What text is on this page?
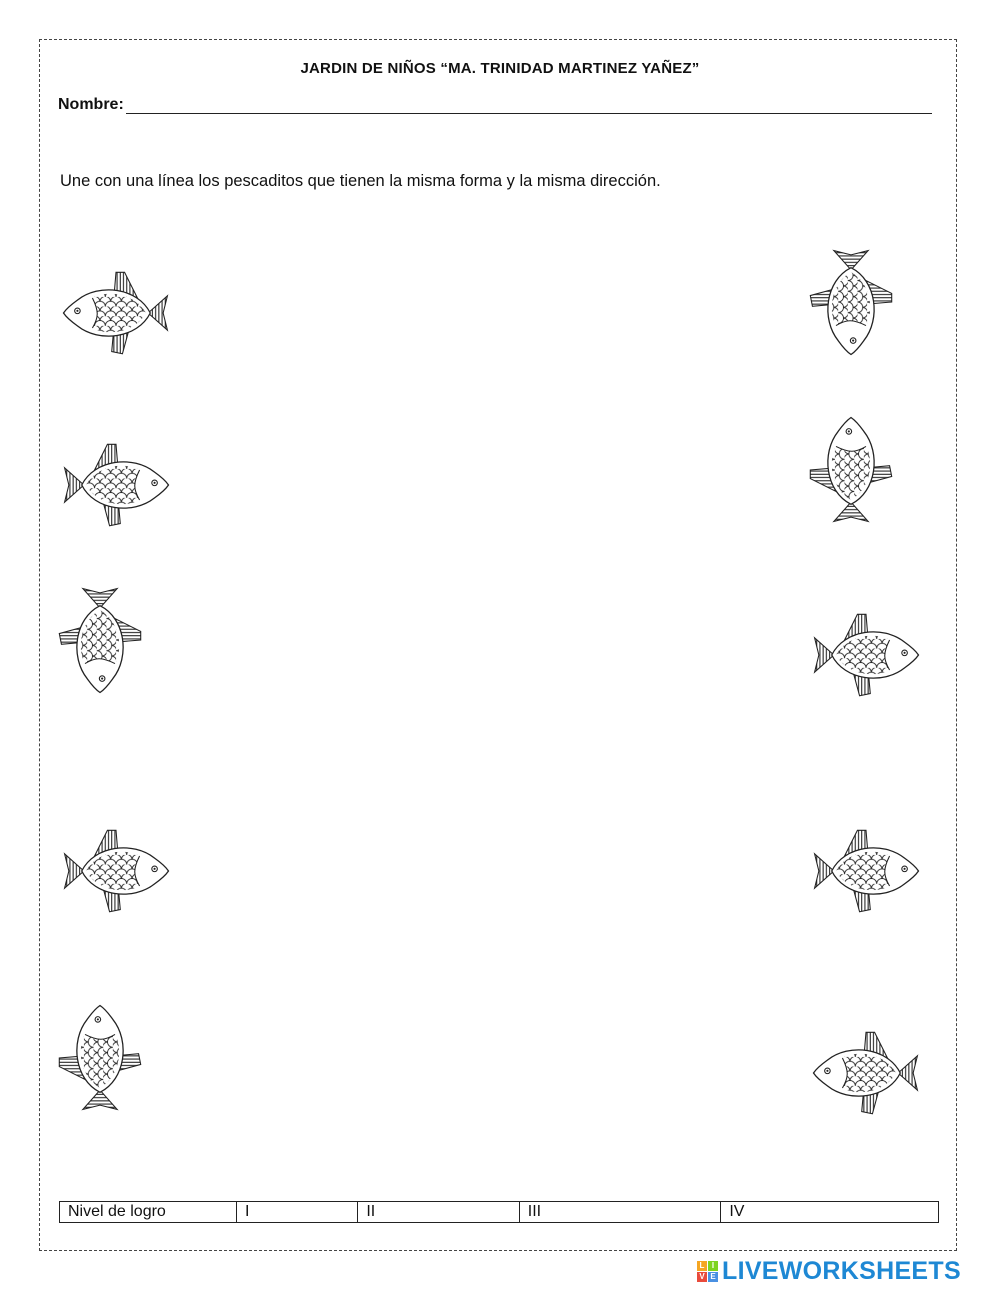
JARDIN DE NIÑOS “MA. TRINIDAD MARTINEZ YAÑEZ”
Nombre:
Une con una línea los pescaditos que tienen la misma forma y la misma dirección.
Nivel de logro	I	II	III	IV
L I
V E LIVEWORKSHEETS
